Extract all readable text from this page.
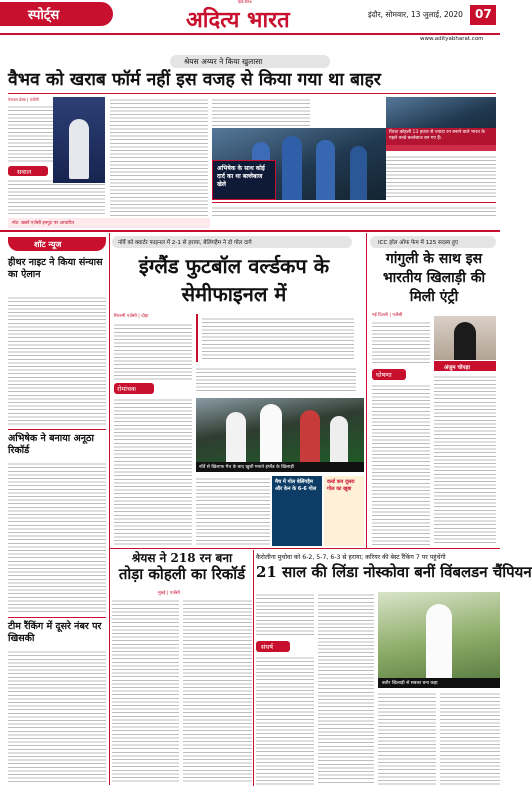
स्पोर्ट्स
हिंदी दैनिक
अदित्य भारत	इंदौर, सोमवार, 13 जुलाई, 2020 07
www.adityabharat.com
श्रेयस अय्यर ने किया खुलासा
वैभव को खराब फॉर्म नहीं इस वजह से किया गया था बाहर
नेशनल डेस्क | एजेंसी
सवाल	अभिषेक के साथ कोई दार्द का था बल्लेबाज खेले
विराट कोहली 13 हजार से ज्यादा रन बनाने वाले भारत के पहले वनडे बल्लेबाज बन गए हैं।
नोट: खबरें एजेंसी इनपुट पर आधारित
शॉट न्यूज
हीथर नाइट ने किया संन्यास का ऐलान
अभिषेक ने बनाया अनूठा रिकॉर्ड
टीम रैंकिंग में दूसरे नंबर पर खिसकी
नॉर्वे को क्वार्टर फाइनल में 2-1 से हराया, बेलिंगहैम ने दो गोल दागे
इंग्लैंड फुटबॉल वर्ल्डकप के सेमीफाइनल में
मिररमी एजेंसी | दोहा
रोमांचक
नॉर्वे से खिलाफ मैच के बाद खुशी मनाते इंग्लैंड के खिलाड़ी
मैच में गोल बेलिंगहैम और केन के 6-6 गोल
वर्ल्ड कप दूसरा गोल का खूबा
ICC हॉल ऑफ फेम में 125 सदस्य हुए
गांगुली के साथ इस भारतीय खिलाड़ी की मिली एंट्री
नई दिल्ली | एजेंसी
घोषणा
अंजुम चोपड़ा
श्रेयस ने 218 रन बना
तोड़ा कोहली का रिकॉर्ड
मुंबई | एजेंसी
कैरोलीना मुचोवा को 6-2, 5-7, 6-3 से हराया; करियर की बेस्ट रैंकिंग 7 पर पहुंचेंगी
21 साल की लिंडा नोस्कोवा बनीं विंबलडन चैंपियन
संघर्ष
बतौर खिलाड़ी से सबका बना कहा
